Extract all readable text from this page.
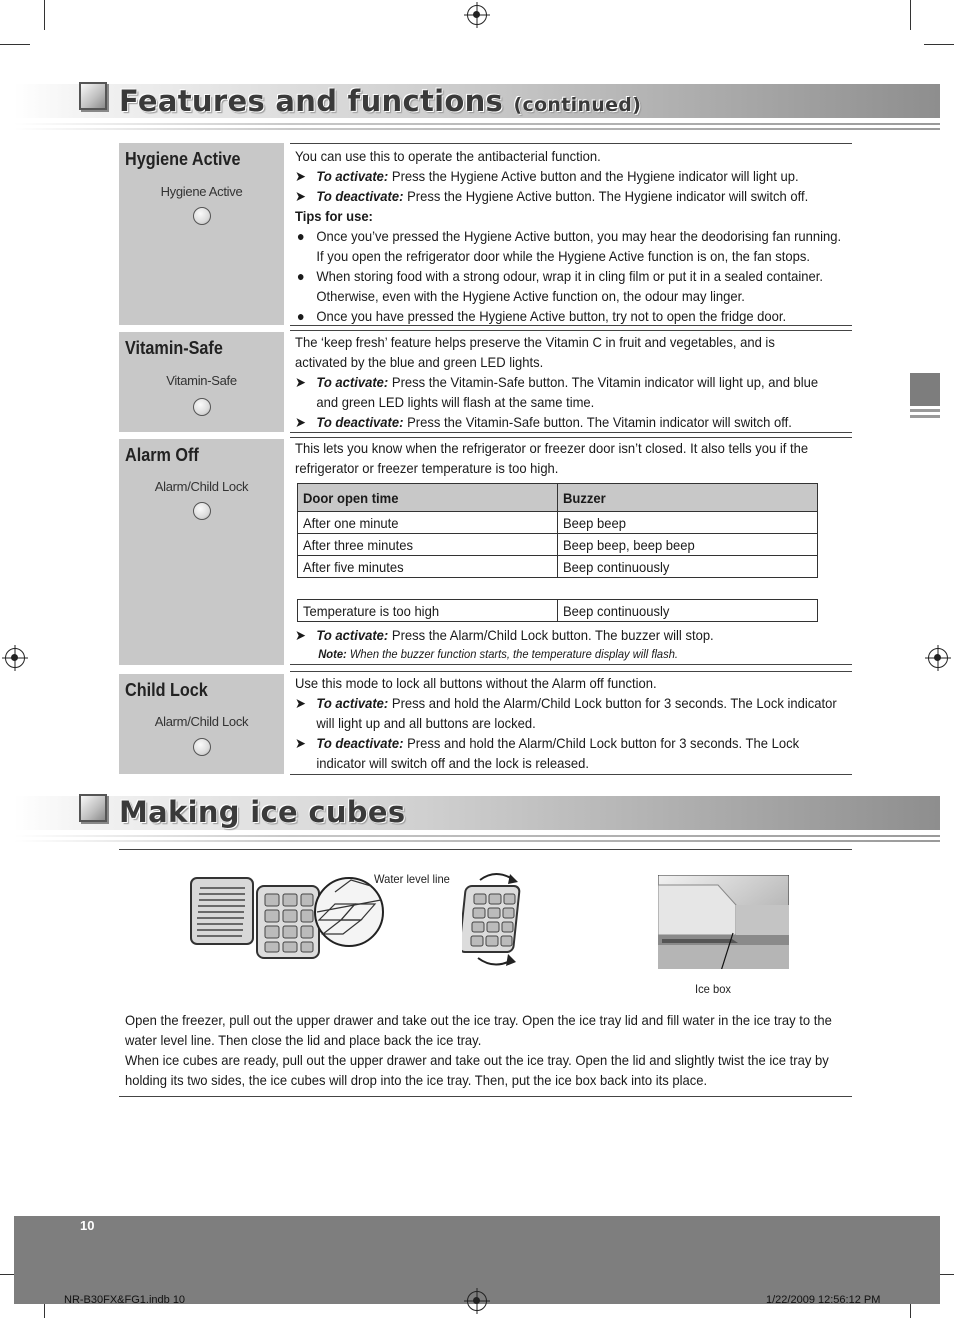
Features and functions (continued)
Hygiene Active
Hygiene Active
You can use this to operate the antibacterial function.
➤ To activate: Press the Hygiene Active button and the Hygiene indicator will light up.
➤ To deactivate: Press the Hygiene Active button. The Hygiene indicator will switch off.
Tips for use:
● Once you’ve pressed the Hygiene Active button, you may hear the deodorising fan running.
If you open the refrigerator door while the Hygiene Active function is on, the fan stops.
● When storing food with a strong odour, wrap it in cling film or put it in a sealed container.
Otherwise, even with the Hygiene Active function on, the odour may linger.
● Once you have pressed the Hygiene Active button, try not to open the fridge door.
Vitamin-Safe
Vitamin-Safe
The ‘keep fresh’ feature helps preserve the Vitamin C in fruit and vegetables, and is
activated by the blue and green LED lights.
➤ To activate: Press the Vitamin-Safe button. The Vitamin indicator will light up, and blue
and green LED lights will flash at the same time.
➤ To deactivate: Press the Vitamin-Safe button. The Vitamin indicator will switch off.
Alarm Off
Alarm/Child Lock
This lets you know when the refrigerator or freezer door isn’t closed. It also tells you if the
refrigerator or freezer temperature is too high.
Door open time	Buzzer
After one minute	Beep beep
After three minutes	Beep beep, beep beep
After five minutes	Beep continuously
Temperature is too high	Beep continuously
➤ To activate: Press the Alarm/Child Lock button. The buzzer will stop.
Note: When the buzzer function starts, the temperature display will flash.
Child Lock
Alarm/Child Lock
Use this mode to lock all buttons without the Alarm off function.
➤ To activate: Press and hold the Alarm/Child Lock button for 3 seconds. The Lock indicator
will light up and all buttons are locked.
➤ To deactivate: Press and hold the Alarm/Child Lock button for 3 seconds. The Lock
indicator will switch off and the lock is released.
Making ice cubes
Water level line
Ice box
Open the freezer, pull out the upper drawer and take out the ice tray. Open the ice tray lid and fill water in the ice tray to the
water level line. Then close the lid and place back the ice tray.
When ice cubes are ready, pull out the upper drawer and take out the ice tray. Open the lid and slightly twist the ice tray by
holding its two sides, the ice cubes will drop into the ice tray. Then, put the ice box back into its place.
10
NR-B30FX&FG1.indb 10	1/22/2009 12:56:12 PM
